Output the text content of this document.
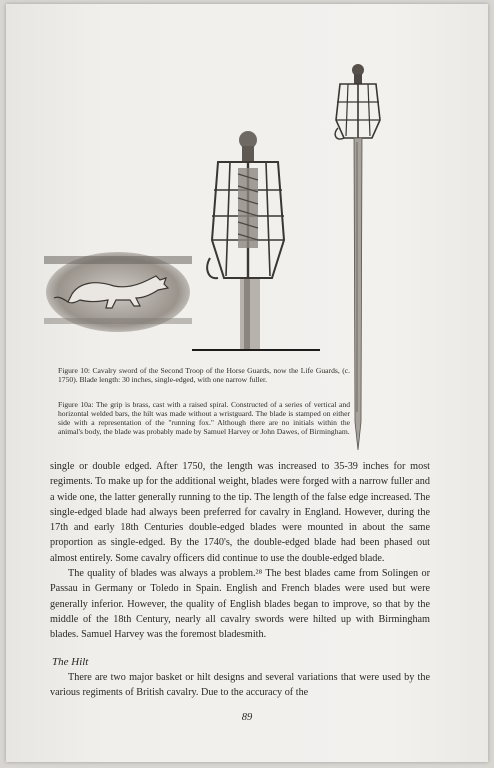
Figure 10: Cavalry sword of the Second Troop of the Horse Guards, now the Life Guards, (c. 1750). Blade length: 30 inches, single-edged, with one narrow fuller.
Figure 10a: The grip is brass, cast with a raised spiral. Constructed of a series of vertical and horizontal welded bars, the hilt was made without a wristguard. The blade is stamped on either side with a representation of the "running fox." Although there are no initials within the animal's body, the blade was probably made by Samuel Harvey or John Dawes, of Birmingham.

single or double edged. After 1750, the length was increased to 35-39 inches for most regiments. To make up for the additional weight, blades were forged with a narrow fuller and a wide one, the latter generally running to the tip. The length of the false edge increased. The single-edged blade had always been preferred for cavalry in England. However, during the 17th and early 18th Centuries double-edged blades were mounted in about the same proportion as single-edged. By the 1740's, the double-edged blade had been phased out almost entirely. Some cavalry officers did continue to use the double-edged blade.

The quality of blades was always a problem.²⁸ The best blades came from Solingen or Passau in Germany or Toledo in Spain. English and French blades were used but were generally inferior. However, the quality of English blades began to improve, so that by the middle of the 18th Century, nearly all cavalry swords were hilted up with Birmingham blades. Samuel Harvey was the foremost bladesmith.

The Hilt

There are two major basket or hilt designs and several variations that were used by the various regiments of British cavalry. Due to the accuracy of the

89
